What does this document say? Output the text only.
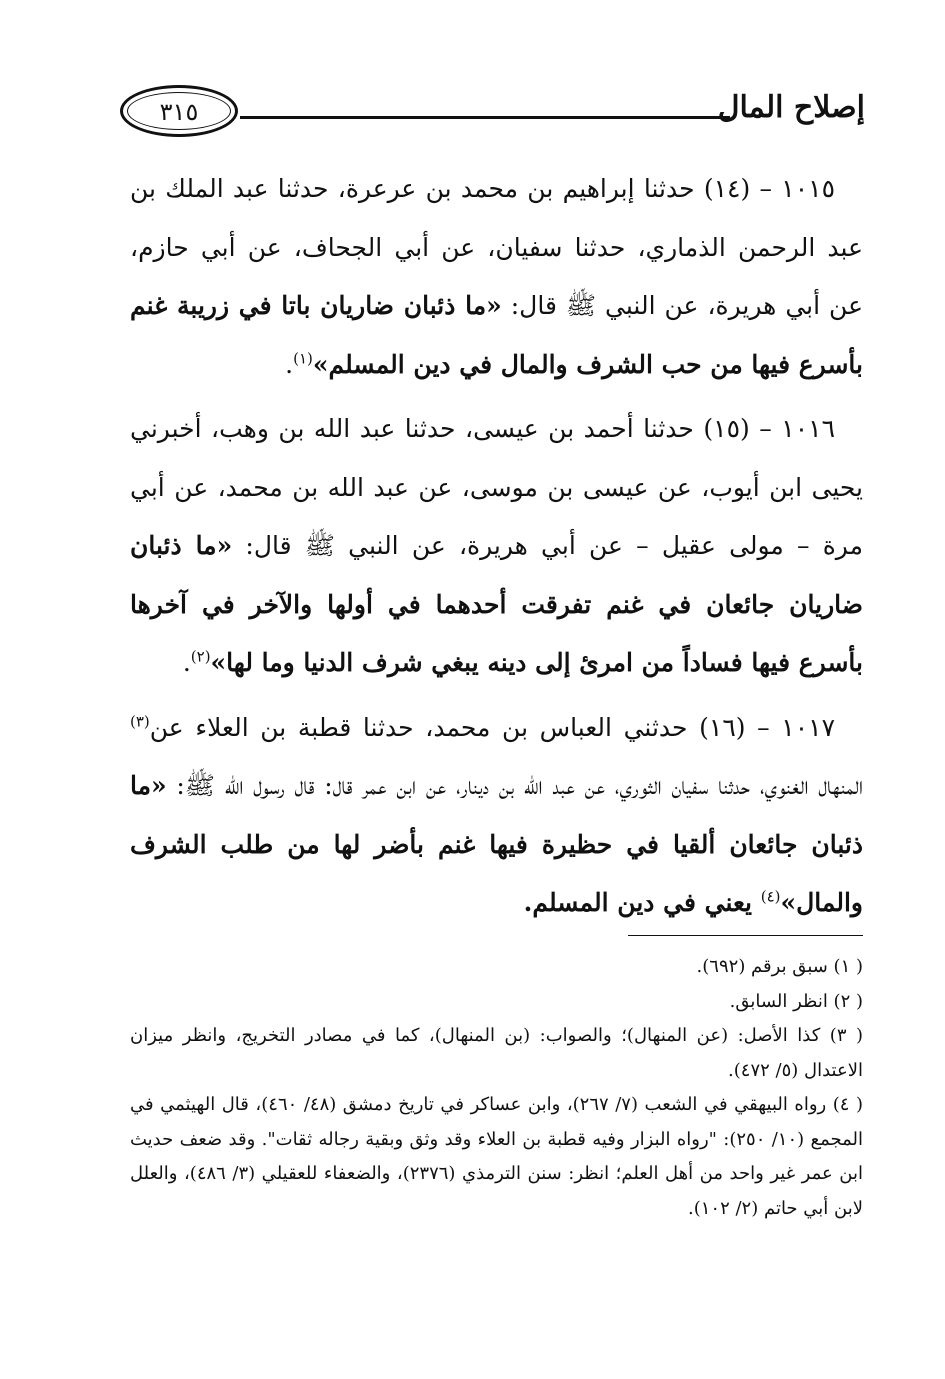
إصلاح المال
٣١٥

١٠١٥ – (١٤) حدثنا إبراهيم بن محمد بن عرعرة، حدثنا عبد الملك بن عبد الرحمن الذماري، حدثنا سفيان، عن أبي الجحاف، عن أبي حازم، عن أبي هريرة، عن النبي ﷺ قال: «ما ذئبان ضاريان باتا في زريبة غنم بأسرع فيها من حب الشرف والمال في دين المسلم»$^{(١)}$.

١٠١٦ – (١٥) حدثنا أحمد بن عيسى، حدثنا عبد الله بن وهب، أخبرني يحيى ابن أيوب، عن عيسى بن موسى، عن عبد الله بن محمد، عن أبي مرة – مولى عقيل – عن أبي هريرة، عن النبي ﷺ قال: «ما ذئبان ضاريان جائعان في غنم تفرقت أحدهما في أولها والآخر في آخرها بأسرع فيها فساداً من امرئ إلى دينه يبغي شرف الدنيا وما لها»$^{(٢)}$.

١٠١٧ – (١٦) حدثني العباس بن محمد، حدثنا قطبة بن العلاء عن$^{(٣)}$ المنهال الغنوي، حدثنا سفيان الثوري، عن عبد الله بن دينار، عن ابن عمر قال: قال رسول الله ﷺ: «ما ذئبان جائعان ألقيا في حظيرة فيها غنم بأضر لها من طلب الشرف والمال»$^{(٤)}$ يعني في دين المسلم.

( ١) سبق برقم (٦٩٢).

( ٢) انظر السابق.

( ٣) كذا الأصل: (عن المنهال)؛ والصواب: (بن المنهال)، كما في مصادر التخريج، وانظر ميزان الاعتدال (٥/ ٤٧٢).

( ٤) رواه البيهقي في الشعب (٧/ ٢٦٧)، وابن عساكر في تاريخ دمشق (٤٨/ ٤٦٠)، قال الهيثمي في المجمع (١٠/ ٢٥٠): "رواه البزار وفيه قطبة بن العلاء وقد وثق وبقية رجاله ثقات". وقد ضعف حديث ابن عمر غير واحد من أهل العلم؛ انظر: سنن الترمذي (٢٣٧٦)، والضعفاء للعقيلي (٣/ ٤٨٦)، والعلل لابن أبي حاتم (٢/ ١٠٢).
